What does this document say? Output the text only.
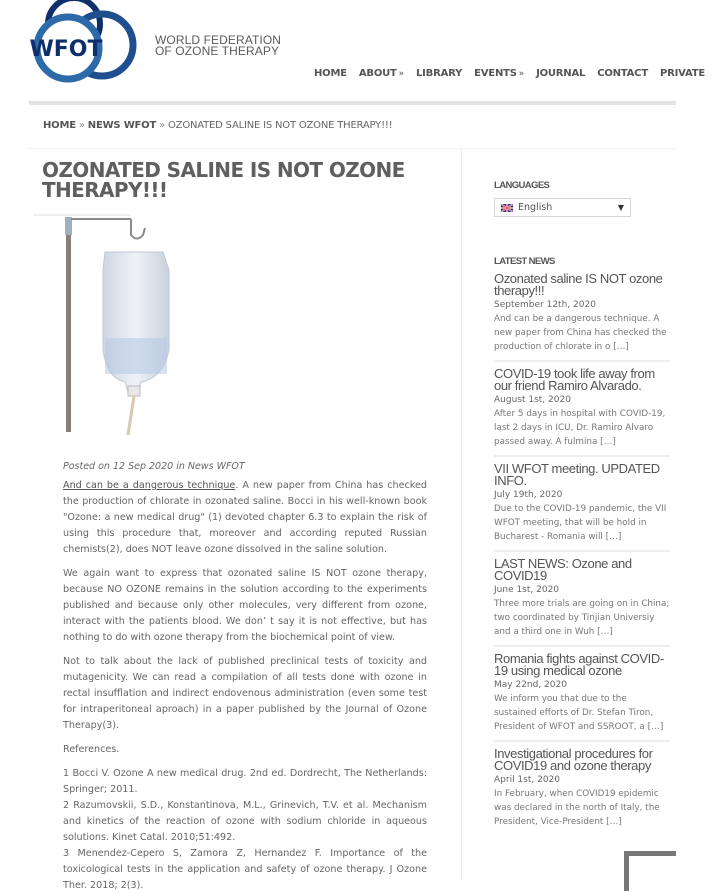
WFOT	WORLD FEDERATION
OF OZONE THERAPY
HOME ABOUT » LIBRARY EVENTS » JOURNAL CONTACT PRIVATE
HOME » NEWS WFOT » OZONATED SALINE IS NOT OZONE THERAPY!!!
OZONATED SALINE IS NOT OZONE THERAPY!!!
Posted on 12 Sep 2020 in News WFOT

And can be a dangerous technique. A new paper from China has checked the production of chlorate in ozonated saline. Bocci in his well-known book "Ozone: a new medical drug" (1) devoted chapter 6.3 to explain the risk of using this procedure that, moreover and according reputed Russian chemists(2), does NOT leave ozone dissolved in the saline solution.

We again want to express that ozonated saline IS NOT ozone therapy, because NO OZONE remains in the solution according to the experiments published and because only other molecules, very different from ozone, interact with the patients blood. We don’ t say it is not effective, but has nothing to do with ozone therapy from the biochemical point of view.

Not to talk about the lack of published preclinical tests of toxicity and mutagenicity. We can read a compilation of all tests done with ozone in rectal insufflation and indirect endovenous administration (even some test for intraperitoneal aproach) in a paper published by the Journal of Ozone Therapy(3).

References.

1 Bocci V. Ozone A new medical drug. 2nd ed. Dordrecht, The Netherlands: Springer; 2011.

2 Razumovskii, S.D., Konstantinova, M.L., Grinevich, T.V. et al. Mechanism and kinetics of the reaction of ozone with sodium chloride in aqueous solutions. Kinet Catal. 2010;51:492.

3 Menendez-Cepero S, Zamora Z, Hernandez F. Importance of the toxicological tests in the application and safety of ozone therapy. J Ozone Ther. 2018; 2(3).

LANGUAGES
English	▼
LATEST NEWS
Ozonated saline IS NOT ozone therapy!!!
September 12th, 2020
And can be a dangerous technique. A new paper from China has checked the production of chlorate in o […]
COVID-19 took life away from our friend Ramiro Alvarado.
August 1st, 2020
After 5 days in hospital with COVID-19, last 2 days in ICU, Dr. Ramiro Alvaro passed away. A fulmina […]
VII WFOT meeting. UPDATED INFO.
July 19th, 2020
Due to the COVID-19 pandemic, the VII WFOT meeting, that will be hold in Bucharest - Romania will […]
LAST NEWS: Ozone and COVID19
June 1st, 2020
Three more trials are going on in China; two coordinated by Tinjian Universiy and a third one in Wuh […]
Romania fights against COVID-19 using medical ozone
May 22nd, 2020
We inform you that due to the sustained efforts of Dr. Stefan Tiron, President of WFOT and SSROOT, a […]
Investigational procedures for COVID19 and ozone therapy
April 1st, 2020
In February, when COVID19 epidemic was declared in the north of Italy, the President, Vice-President […]
